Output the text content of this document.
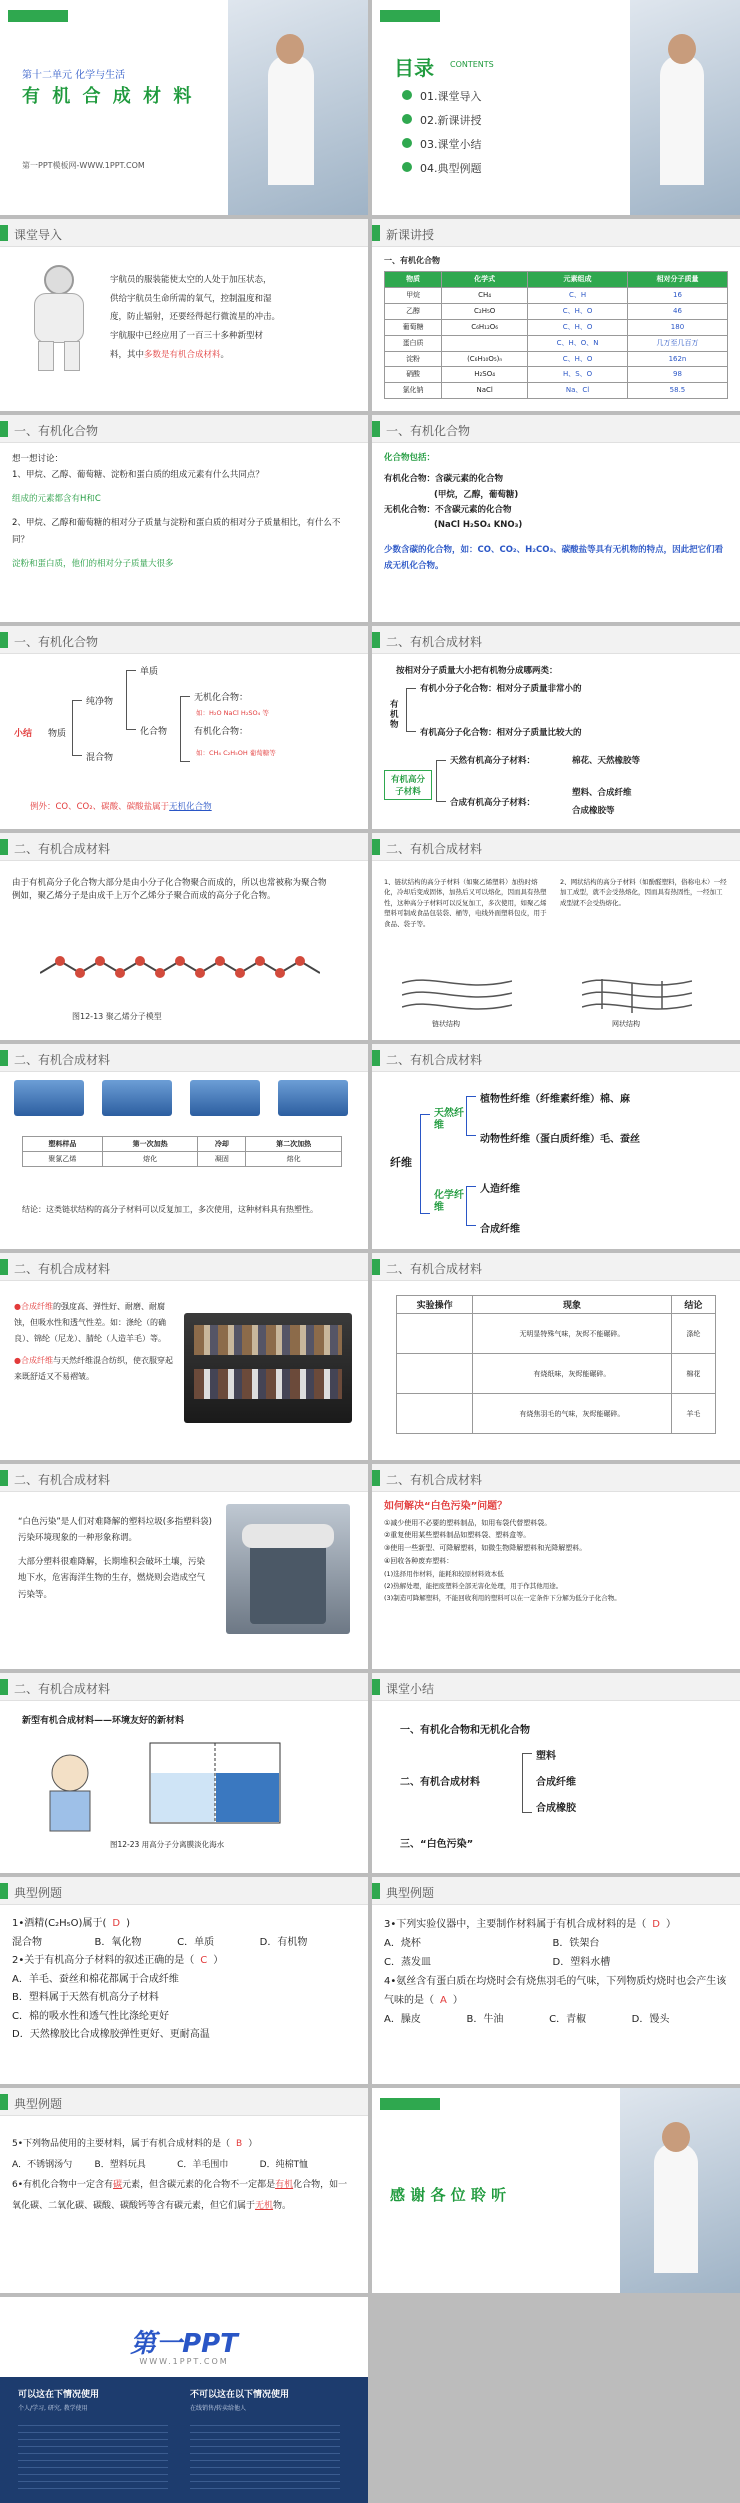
第十二单元 化学与生活
有 机 合 成 材 料
第一PPT模板网-WWW.1PPT.COM
目录 CONTENTS
01.课堂导入
02.新课讲授
03.课堂小结
04.典型例题
课堂导入
宇航员的服装能使太空的人处于加压状态，
供给宇航员生命所需的氧气，控制温度和湿
度，防止辐射，还要经得起行微流星的冲击。
宇航服中已经应用了一百三十多种新型材
料，其中多数是有机合成材料。
新课讲授
一、有机化合物
物质	化学式	元素组成	相对分子质量
甲烷	CH₄	C、H	16
乙醇	C₂H₅O	C、H、O	46
葡萄糖	C₆H₁₂O₆	C、H、O	180
蛋白质		C、H、O、N	几万至几百万
淀粉	(C₆H₁₀O₅)ₙ	C、H、O	162n
硝酸	H₂SO₄	H、S、O	98
氯化钠	NaCl	Na、Cl	58.5
一、有机化合物
想一想讨论：
1、甲烷、乙醇、葡萄糖、淀粉和蛋白质的组成元素有什么共同点？
组成的元素都含有H和C
2、甲烷、乙醇和葡萄糖的相对分子质量与淀粉和蛋白质的相对分子质量相比，有什么不同？
淀粉和蛋白质，他们的相对分子质量大很多
一、有机化合物
化合物包括：
有机化合物：含碳元素的化合物
(甲烷，乙醇，葡萄糖)
无机化合物：不含碳元素的化合物
(NaCl H₂SO₄ KNO₃)
少数含碳的化合物，如：CO、CO₂、H₂CO₃、碳酸盐等具有无机物的特点，因此把它们看成无机化合物。
一、有机化合物
小结 物质
纯净物
混合物
单质
化合物
无机化合物：
有机化合物：
如：H₂O NaCl H₂SO₄ 等
如：CH₄ C₂H₅OH 葡萄糖等
例外：CO、CO₂、碳酸、碳酸盐属于无机化合物
二、有机合成材料
按相对分子质量大小把有机物分成哪两类：
有机物
有机小分子化合物：相对分子质量非常小的
有机高分子化合物：相对分子质量比较大的
有机高分子材料
天然有机高分子材料：	棉花、天然橡胶等
合成有机高分子材料：
塑料、合成纤维
合成橡胶等
二、有机合成材料
由于有机高分子化合物大部分是由小分子化合物聚合而成的，所以也常被称为聚合物
例如，聚乙烯分子是由成千上万个乙烯分子聚合而成的高分子化合物。
图12-13 聚乙烯分子模型
二、有机合成材料
1、链状结构的高分子材料（如聚乙烯塑料）加热时熔化，冷却后变成固体，加热后又可以熔化，因而具有热塑性，这种高分子材料可以反复加工，多次使用，如聚乙烯塑料可制成食品包装袋、桶等，电线外面塑料包皮，用于食品、袋子等。
2、网状结构的高分子材料（如酚醛塑料，俗称电木）一经加工成型，就不会受热熔化，因而具有热固性，一经加工成型就不会受热熔化。
链状结构	网状结构
二、有机合成材料
塑料样品	第一次加热	冷却	第二次加热
聚氯乙烯	熔化	凝固	熔化
结论：这类链状结构的高分子材料可以反复加工，多次使用，这种材料具有热塑性。
二、有机合成材料
纤维
天然纤维
植物性纤维（纤维素纤维）棉、麻
动物性纤维（蛋白质纤维）毛、蚕丝
化学纤维
人造纤维
合成纤维
二、有机合成材料
●合成纤维的强度高、弹性好、耐磨、耐腐蚀，但吸水性和透气性差。如：涤纶（的确良）、锦纶（尼龙）、腈纶（人造羊毛）等。
●合成纤维与天然纤维混合纺织，使衣服穿起来既舒适又不易褶皱。
二、有机合成材料
实验操作	现象	结论
	无明显特殊气味，灰烬不能碾碎。	涤纶
	有烧纸味，灰烬能碾碎。	棉花
	有烧焦羽毛的气味，灰烬能碾碎。	羊毛
二、有机合成材料
“白色污染”是人们对难降解的塑料垃圾(多指塑料袋)污染环境现象的一种形象称谓。
大部分塑料很难降解，长期堆积会破坏土壤，污染地下水，危害海洋生物的生存，燃烧则会造成空气污染等。
二、有机合成材料
如何解决“白色污染”问题？
①减少使用不必要的塑料制品，如用布袋代替塑料袋。
②重复使用某些塑料制品如塑料袋、塑料盒等。
③使用一些新型、可降解塑料，如微生物降解塑料和光降解塑料。
④回收各种废弃塑料：
(1)选择用作材料，能耗和较原材料效本低
(2)热解处理，能把废塑料全部无害化处理，用于作其他用途。
(3)制造可降解塑料，不能回收利用的塑料可以在一定条件下分解为低分子化合物。
二、有机合成材料
新型有机合成材料——环境友好的新材料
图12-23 用高分子分离膜淡化海水
课堂小结
一、有机化合物和无机化合物
二、有机合成材料
塑料
合成纤维
合成橡胶
三、“白色污染”
典型例题
1•酒精(C₂H₅O)属于( D )
混合物	B．氧化物	C．单质	D．有机物
2•关于有机高分子材料的叙述正确的是（ C ）
A．羊毛、蚕丝和棉花都属于合成纤维
B．塑料属于天然有机高分子材料
C．棉的吸水性和透气性比涤纶更好
D．天然橡胶比合成橡胶弹性更好、更耐高温
典型例题
3•下列实验仪器中，主要制作材料属于有机合成材料的是（ D ）
A．烧杯	B．铁架台
C．蒸发皿	D．塑料水槽
4•氨丝含有蛋白质在均烧时会有烧焦羽毛的气味，下列物质灼烧时也会产生该气味的是（ A ）
A．臊皮	B．牛油	C．青椒	D．馒头
典型例题
5•下列物品使用的主要材料，属于有机合成材料的是（ B ）
A．不锈钢汤勺 B．塑料玩具	C．羊毛围巾	D．纯棉T恤
6•有机化合物中一定含有碳元素，但含碳元素的化合物不一定都是有机化合物，如一氧化碳、二氧化碳、碳酸、碳酸钙等含有碳元素，但它们属于无机物。
感 谢 各 位 聆 听
第一PPT
WWW.1PPT.COM
可以这在下情况使用	不可以这在以下情况使用
个人/学习, 研究, 教学使用	在线销售/转卖给他人
